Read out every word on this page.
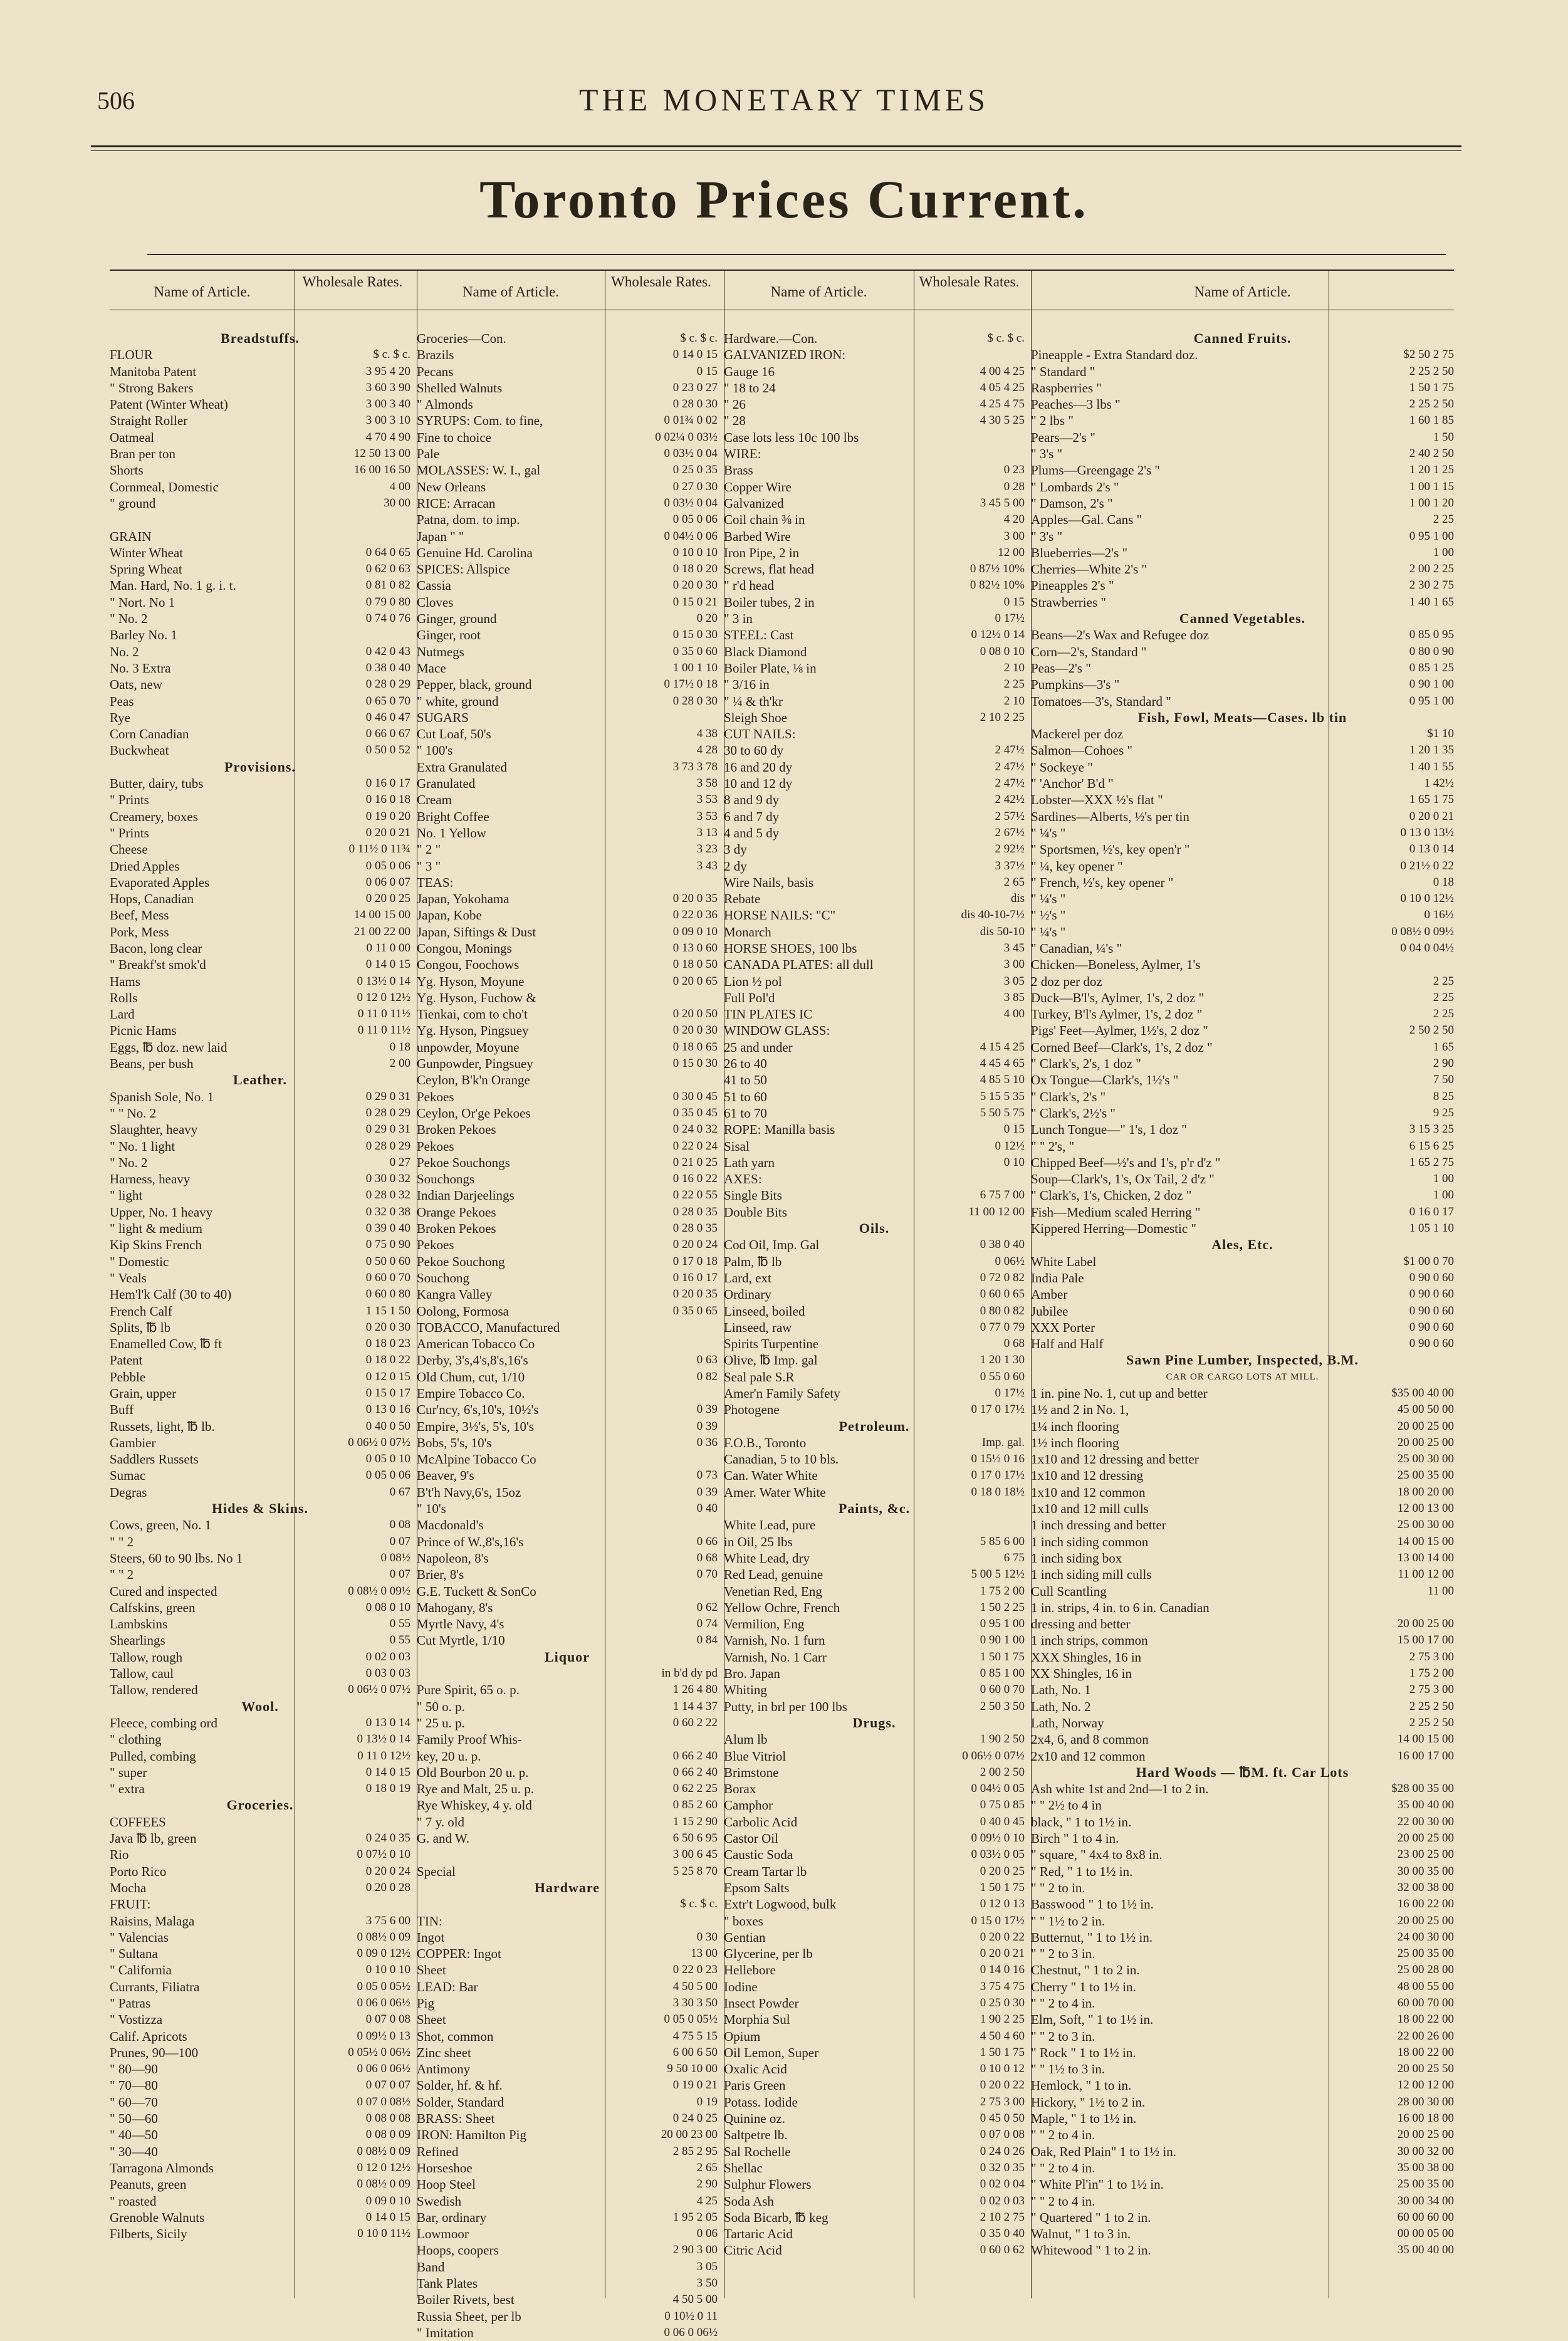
506	THE MONETARY TIMES
Toronto Prices Current.
Name of Article.
Wholesale Rates.
Breadstuffs.
FLOUR	$ c. $ c.
Manitoba Patent	3 95 4 20
" Strong Bakers	3 60 3 90
Patent (Winter Wheat)	3 00 3 40
Straight Roller	3 00 3 10
Oatmeal	4 70 4 90
Bran per ton	12 50 13 00
Shorts	16 00 16 50
Cornmeal, Domestic	4 00
" ground	30 00
GRAIN
Winter Wheat	0 64 0 65
Spring Wheat	0 62 0 63
Man. Hard, No. 1 g. i. t.	0 81 0 82
" Nort. No 1	0 79 0 80
" No. 2	0 74 0 76
Barley No. 1
No. 2	0 42 0 43
No. 3 Extra	0 38 0 40
Oats, new	0 28 0 29
Peas	0 65 0 70
Rye	0 46 0 47
Corn Canadian	0 66 0 67
Buckwheat	0 50 0 52
Provisions.
Butter, dairy, tubs	0 16 0 17
" Prints	0 16 0 18
Creamery, boxes	0 19 0 20
" Prints	0 20 0 21
Cheese	0 11½ 0 11¾
Dried Apples	0 05 0 06
Evaporated Apples	0 06 0 07
Hops, Canadian	0 20 0 25
Beef, Mess	14 00 15 00
Pork, Mess	21 00 22 00
Bacon, long clear	0 11 0 00
" Breakf'st smok'd	0 14 0 15
Hams	0 13½ 0 14
Rolls	0 12 0 12½
Lard	0 11 0 11½
Picnic Hams	0 11 0 11½
Eggs, ℔ doz. new laid	0 18
Beans, per bush	2 00
Leather.
Spanish Sole, No. 1	0 29 0 31
" " No. 2	0 28 0 29
Slaughter, heavy	0 29 0 31
" No. 1 light	0 28 0 29
" No. 2	0 27
Harness, heavy	0 30 0 32
" light	0 28 0 32
Upper, No. 1 heavy	0 32 0 38
" light & medium	0 39 0 40
Kip Skins French	0 75 0 90
" Domestic	0 50 0 60
" Veals	0 60 0 70
Hem'l'k Calf (30 to 40)	0 60 0 80
French Calf	1 15 1 50
Splits, ℔ lb	0 20 0 30
Enamelled Cow, ℔ ft	0 18 0 23
Patent	0 18 0 22
Pebble	0 12 0 15
Grain, upper	0 15 0 17
Buff	0 13 0 16
Russets, light, ℔ lb.	0 40 0 50
Gambier	0 06½ 0 07½
Saddlers Russets	0 05 0 10
Sumac	0 05 0 06
Degras	0 67
Hides & Skins.
Cows, green, No. 1	0 08
" " 2	0 07
Steers, 60 to 90 lbs. No 1	0 08½
" " 2	0 07
Cured and inspected	0 08½ 0 09½
Calfskins, green	0 08 0 10
Lambskins	0 55
Shearlings	0 55
Tallow, rough	0 02 0 03
Tallow, caul	0 03 0 03
Tallow, rendered	0 06½ 0 07½
Wool.
Fleece, combing ord	0 13 0 14
" clothing	0 13½ 0 14
Pulled, combing	0 11 0 12½
" super	0 14 0 15
" extra	0 18 0 19
Groceries.
COFFEES
Java ℔ lb, green	0 24 0 35
Rio	0 07½ 0 10
Porto Rico	0 20 0 24
Mocha	0 20 0 28
FRUIT:
Raisins, Malaga	3 75 6 00
" Valencias	0 08½ 0 09
" Sultana	0 09 0 12½
" California	0 10 0 10
Currants, Filiatra	0 05 0 05½
" Patras	0 06 0 06½
" Vostizza	0 07 0 08
Calif. Apricots	0 09½ 0 13
Prunes, 90—100	0 05½ 0 06½
" 80—90	0 06 0 06½
" 70—80	0 07 0 07
" 60—70	0 07 0 08½
" 50—60	0 08 0 08
" 40—50	0 08 0 09
" 30—40	0 08½ 0 09
Tarragona Almonds	0 12 0 12½
Peanuts, green	0 08½ 0 09
" roasted	0 09 0 10
Grenoble Walnuts	0 14 0 15
Filberts, Sicily	0 10 0 11½
Name of Article.
Wholesale Rates.
Groceries—Con.	$ c. $ c.
Brazils	0 14 0 15
Pecans	0 15
Shelled Walnuts	0 23 0 27
" Almonds	0 28 0 30
SYRUPS: Com. to fine,	0 01¾ 0 02
Fine to choice	0 02¼ 0 03½
Pale	0 03½ 0 04
MOLASSES: W. I., gal	0 25 0 35
New Orleans	0 27 0 30
RICE: Arracan	0 03½ 0 04
Patna, dom. to imp.	0 05 0 06
Japan " "	0 04½ 0 06
Genuine Hd. Carolina	0 10 0 10
SPICES: Allspice	0 18 0 20
Cassia	0 20 0 30
Cloves	0 15 0 21
Ginger, ground	0 20
Ginger, root	0 15 0 30
Nutmegs	0 35 0 60
Mace	1 00 1 10
Pepper, black, ground	0 17½ 0 18
" white, ground	0 28 0 30
SUGARS
Cut Loaf, 50's	4 38
" 100's	4 28
Extra Granulated	3 73 3 78
Granulated	3 58
Cream	3 53
Bright Coffee	3 53
No. 1 Yellow	3 13
" 2 "	3 23
" 3 "	3 43
TEAS:
Japan, Yokohama	0 20 0 35
Japan, Kobe	0 22 0 36
Japan, Siftings & Dust	0 09 0 10
Congou, Monings	0 13 0 60
Congou, Foochows	0 18 0 50
Yg. Hyson, Moyune	0 20 0 65
Yg. Hyson, Fuchow &
Tienkai, com to cho't	0 20 0 50
Yg. Hyson, Pingsuey	0 20 0 30
unpowder, Moyune	0 18 0 65
Gunpowder, Pingsuey	0 15 0 30
Ceylon, B'k'n Orange
Pekoes	0 30 0 45
Ceylon, Or'ge Pekoes	0 35 0 45
Broken Pekoes	0 24 0 32
Pekoes	0 22 0 24
Pekoe Souchongs	0 21 0 25
Souchongs	0 16 0 22
Indian Darjeelings	0 22 0 55
Orange Pekoes	0 28 0 35
Broken Pekoes	0 28 0 35
Pekoes	0 20 0 24
Pekoe Souchong	0 17 0 18
Souchong	0 16 0 17
Kangra Valley	0 20 0 35
Oolong, Formosa	0 35 0 65
TOBACCO, Manufactured
American Tobacco Co
Derby, 3's,4's,8's,16's	0 63
Old Chum, cut, 1/10	0 82
Empire Tobacco Co.
Cur'ncy, 6's,10's, 10½'s	0 39
Empire, 3½'s, 5's, 10's	0 39
Bobs, 5's, 10's	0 36
McAlpine Tobacco Co
Beaver, 9's	0 73
B't'h Navy,6's, 15oz	0 39
" 10's	0 40
Macdonald's
Prince of W.,8's,16's	0 66
Napoleon, 8's	0 68
Brier, 8's	0 70
G.E. Tuckett & SonCo
Mahogany, 8's	0 62
Myrtle Navy, 4's	0 74
Cut Myrtle, 1/10	0 84
Liquor
in b'd dy pd
Pure Spirit, 65 o. p.	1 26 4 80
" 50 o. p.	1 14 4 37
" 25 u. p.	0 60 2 22
Family Proof Whis-
key, 20 u. p.	0 66 2 40
Old Bourbon 20 u. p.	0 66 2 40
Rye and Malt, 25 u. p.	0 62 2 25
Rye Whiskey, 4 y. old	0 85 2 60
" 7 y. old	1 15 2 90
G. and W.	6 50 6 95
3 00 6 45
Special	5 25 8 70
Hardware
$ c. $ c.
TIN:
Ingot	0 30
COPPER: Ingot	13 00
Sheet	0 22 0 23
LEAD: Bar	4 50 5 00
Pig	3 30 3 50
Sheet	0 05 0 05½
Shot, common	4 75 5 15
Zinc sheet	6 00 6 50
Antimony	9 50 10 00
Solder, hf. & hf.	0 19 0 21
Solder, Standard	0 19
BRASS: Sheet	0 24 0 25
IRON: Hamilton Pig	20 00 23 00
Refined	2 85 2 95
Horseshoe	2 65
Hoop Steel	2 90
Swedish	4 25
Bar, ordinary	1 95 2 05
Lowmoor	0 06
Hoops, coopers	2 90 3 00
Band	3 05
Tank Plates	3 50
Boiler Rivets, best	4 50 5 00
Russia Sheet, per lb	0 10½ 0 11
" Imitation	0 06 0 06½
Name of Article.
Wholesale Rates.
Hardware.—Con.	$ c. $ c.
GALVANIZED IRON:
Gauge 16	4 00 4 25
" 18 to 24	4 05 4 25
" 26	4 25 4 75
" 28	4 30 5 25
Case lots less 10c 100 lbs
WIRE:
Brass	0 23
Copper Wire	0 28
Galvanized	3 45 5 00
Coil chain ⅜ in	4 20
Barbed Wire	3 00
Iron Pipe, 2 in	12 00
Screws, flat head	0 87½ 10%
" r'd head	0 82½ 10%
Boiler tubes, 2 in	0 15
" 3 in	0 17½
STEEL: Cast	0 12½ 0 14
Black Diamond	0 08 0 10
Boiler Plate, ⅛ in	2 10
" 3/16 in	2 25
" ¼ & th'kr	2 10
Sleigh Shoe	2 10 2 25
CUT NAILS:
30 to 60 dy	2 47½
16 and 20 dy	2 47½
10 and 12 dy	2 47½
8 and 9 dy	2 42½
6 and 7 dy	2 57½
4 and 5 dy	2 67½
3 dy	2 92½
2 dy	3 37½
Wire Nails, basis	2 65
Rebate	dis
HORSE NAILS: "C"	dis 40-10-7½
Monarch	dis 50-10
HORSE SHOES, 100 lbs	3 45
CANADA PLATES: all dull	3 00
Lion ½ pol	3 05
Full Pol'd	3 85
TIN PLATES IC	4 00
WINDOW GLASS:
25 and under	4 15 4 25
26 to 40	4 45 4 65
41 to 50	4 85 5 10
51 to 60	5 15 5 35
61 to 70	5 50 5 75
ROPE: Manilla basis	0 15
Sisal	0 12½
Lath yarn	0 10
AXES:
Single Bits	6 75 7 00
Double Bits	11 00 12 00
Oils.
Cod Oil, Imp. Gal	0 38 0 40
Palm, ℔ lb	0 06½
Lard, ext	0 72 0 82
Ordinary	0 60 0 65
Linseed, boiled	0 80 0 82
Linseed, raw	0 77 0 79
Spirits Turpentine	0 68
Olive, ℔ Imp. gal	1 20 1 30
Seal pale S.R	0 55 0 60
Amer'n Family Safety	0 17½
Photogene	0 17 0 17½
Petroleum.
F.O.B., Toronto	Imp. gal.
Canadian, 5 to 10 bls.	0 15½ 0 16
Can. Water White	0 17 0 17½
Amer. Water White	0 18 0 18½
Paints, &c.
White Lead, pure
in Oil, 25 lbs	5 85 6 00
White Lead, dry	6 75
Red Lead, genuine	5 00 5 12½
Venetian Red, Eng	1 75 2 00
Yellow Ochre, French	1 50 2 25
Vermilion, Eng	0 95 1 00
Varnish, No. 1 furn	0 90 1 00
Varnish, No. 1 Carr	1 50 1 75
Bro. Japan	0 85 1 00
Whiting	0 60 0 70
Putty, in brl per 100 lbs	2 50 3 50
Drugs.
Alum lb	1 90 2 50
Blue Vitriol	0 06½ 0 07½
Brimstone	2 00 2 50
Borax	0 04½ 0 05
Camphor	0 75 0 85
Carbolic Acid	0 40 0 45
Castor Oil	0 09½ 0 10
Caustic Soda	0 03½ 0 05
Cream Tartar lb	0 20 0 25
Epsom Salts	1 50 1 75
Extr't Logwood, bulk	0 12 0 13
" boxes	0 15 0 17½
Gentian	0 20 0 22
Glycerine, per lb	0 20 0 21
Hellebore	0 14 0 16
Iodine	3 75 4 75
Insect Powder	0 25 0 30
Morphia Sul	1 90 2 25
Opium	4 50 4 60
Oil Lemon, Super	1 50 1 75
Oxalic Acid	0 10 0 12
Paris Green	0 20 0 22
Potass. Iodide	2 75 3 00
Quinine oz.	0 45 0 50
Saltpetre lb.	0 07 0 08
Sal Rochelle	0 24 0 26
Shellac	0 32 0 35
Sulphur Flowers	0 02 0 04
Soda Ash	0 02 0 03
Soda Bicarb, ℔ keg	2 10 2 75
Tartaric Acid	0 35 0 40
Citric Acid	0 60 0 62
Name of Article.
Canned Fruits.
Pineapple - Extra Standard doz.	$2 50 2 75
" Standard "	2 25 2 50
Raspberries "	1 50 1 75
Peaches—3 lbs "	2 25 2 50
" 2 lbs "	1 60 1 85
Pears—2's "	1 50
" 3's "	2 40 2 50
Plums—Greengage 2's "	1 20 1 25
" Lombards 2's "	1 00 1 15
" Damson, 2's "	1 00 1 20
Apples—Gal. Cans "	2 25
" 3's "	0 95 1 00
Blueberries—2's "	1 00
Cherries—White 2's "	2 00 2 25
Pineapples 2's "	2 30 2 75
Strawberries "	1 40 1 65
Canned Vegetables.
Beans—2's Wax and Refugee doz	0 85 0 95
Corn—2's, Standard "	0 80 0 90
Peas—2's "	0 85 1 25
Pumpkins—3's "	0 90 1 00
Tomatoes—3's, Standard "	0 95 1 00
Fish, Fowl, Meats—Cases. lb tin
Mackerel per doz	$1 10
Salmon—Cohoes "	1 20 1 35
" Sockeye "	1 40 1 55
" 'Anchor' B'd "	1 42½
Lobster—XXX ½'s flat "	1 65 1 75
Sardines—Alberts, ½'s per tin	0 20 0 21
" ¼'s "	0 13 0 13½
" Sportsmen, ½'s, key open'r "	0 13 0 14
" ¼, key opener "	0 21½ 0 22
" French, ½'s, key opener "	0 18
" ¼'s "	0 10 0 12½
" ½'s "	0 16½
" ¼'s "	0 08½ 0 09½
" Canadian, ¼'s "	0 04 0 04½
Chicken—Boneless, Aylmer, 1's
2 doz per doz	2 25
Duck—B'l's, Aylmer, 1's, 2 doz "	2 25
Turkey, B'l's Aylmer, 1's, 2 doz "	2 25
Pigs' Feet—Aylmer, 1½'s, 2 doz "	2 50 2 50
Corned Beef—Clark's, 1's, 2 doz "	1 65
" Clark's, 2's, 1 doz "	2 90
Ox Tongue—Clark's, 1½'s "	7 50
" Clark's, 2's "	8 25
" Clark's, 2½'s "	9 25
Lunch Tongue—" 1's, 1 doz "	3 15 3 25
" " 2's, "	6 15 6 25
Chipped Beef—½'s and 1's, p'r d'z "	1 65 2 75
Soup—Clark's, 1's, Ox Tail, 2 d'z "	1 00
" Clark's, 1's, Chicken, 2 doz "	1 00
Fish—Medium scaled Herring "	0 16 0 17
Kippered Herring—Domestic "	1 05 1 10
Ales, Etc.
White Label	$1 00 0 70
India Pale	0 90 0 60
Amber	0 90 0 60
Jubilee	0 90 0 60
XXX Porter	0 90 0 60
Half and Half	0 90 0 60
Sawn Pine Lumber, Inspected, B.M.
CAR OR CARGO LOTS AT MILL.
1 in. pine No. 1, cut up and better	$35 00 40 00
1½ and 2 in No. 1,	45 00 50 00
1¼ inch flooring	20 00 25 00
1½ inch flooring	20 00 25 00
1x10 and 12 dressing and better	25 00 30 00
1x10 and 12 dressing	25 00 35 00
1x10 and 12 common	18 00 20 00
1x10 and 12 mill culls	12 00 13 00
1 inch dressing and better	25 00 30 00
1 inch siding common	14 00 15 00
1 inch siding box	13 00 14 00
1 inch siding mill culls	11 00 12 00
Cull Scantling	11 00
1 in. strips, 4 in. to 6 in. Canadian
dressing and better	20 00 25 00
1 inch strips, common	15 00 17 00
XXX Shingles, 16 in	2 75 3 00
XX Shingles, 16 in	1 75 2 00
Lath, No. 1	2 75 3 00
Lath, No. 2	2 25 2 50
Lath, Norway	2 25 2 50
2x4, 6, and 8 common	14 00 15 00
2x10 and 12 common	16 00 17 00
Hard Woods — ℔M. ft. Car Lots
Ash white 1st and 2nd—1 to 2 in.	$28 00 35 00
" " 2½ to 4 in	35 00 40 00
black, " 1 to 1½ in.	22 00 30 00
Birch " 1 to 4 in.	20 00 25 00
" square, " 4x4 to 8x8 in.	23 00 25 00
" Red, " 1 to 1½ in.	30 00 35 00
" " 2 to in.	32 00 38 00
Basswood " 1 to 1½ in.	16 00 22 00
" " 1½ to 2 in.	20 00 25 00
Butternut, " 1 to 1½ in.	24 00 30 00
" " 2 to 3 in.	25 00 35 00
Chestnut, " 1 to 2 in.	25 00 28 00
Cherry " 1 to 1½ in.	48 00 55 00
" " 2 to 4 in.	60 00 70 00
Elm, Soft, " 1 to 1½ in.	18 00 22 00
" " 2 to 3 in.	22 00 26 00
" Rock " 1 to 1½ in.	18 00 22 00
" " 1½ to 3 in.	20 00 25 50
Hemlock, " 1 to in.	12 00 12 00
Hickory, " 1½ to 2 in.	28 00 30 00
Maple, " 1 to 1½ in.	16 00 18 00
" " 2 to 4 in.	20 00 25 00
Oak, Red Plain" 1 to 1½ in.	30 00 32 00
" " 2 to 4 in.	35 00 38 00
" White Pl'in" 1 to 1½ in.	25 00 35 00
" " 2 to 4 in.	30 00 34 00
" Quartered " 1 to 2 in.	60 00 60 00
Walnut, " 1 to 3 in.	00 00 05 00
Whitewood " 1 to 2 in.	35 00 40 00
